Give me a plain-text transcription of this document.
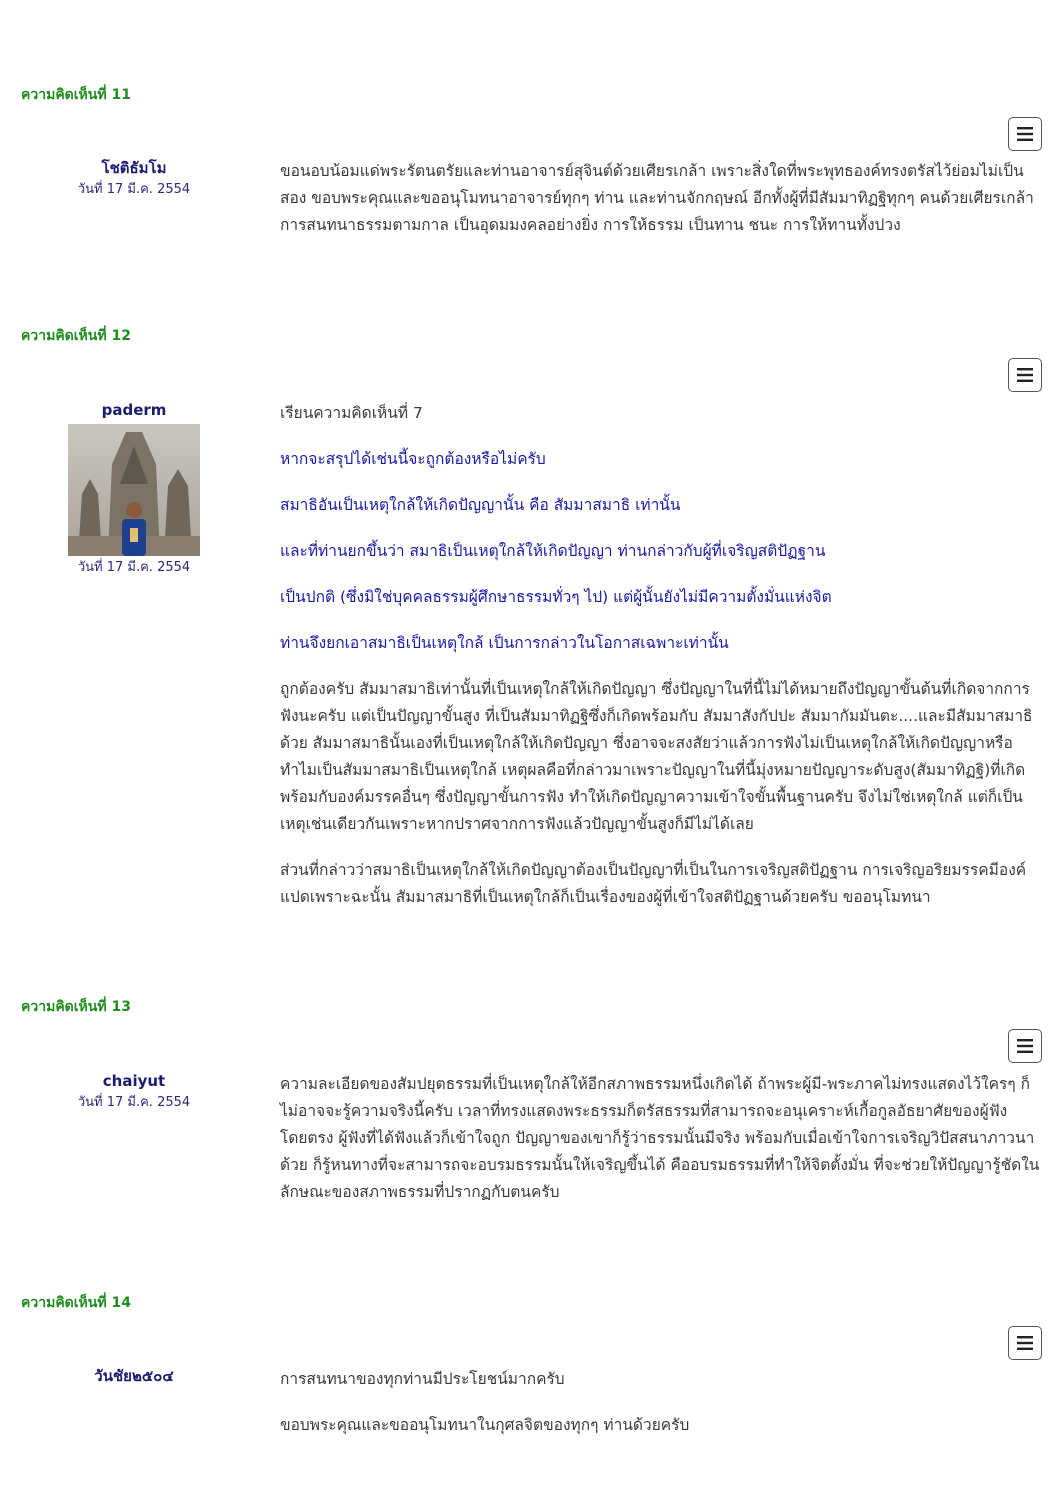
ความคิดเห็นที่ 11
โชติธัมโม
วันที่ 17 มี.ค. 2554

ขอนอบน้อมแด่พระรัตนตรัยและท่านอาจารย์สุจินต์ด้วยเศียรเกล้า เพราะสิ่งใดที่พระพุทธองค์ทรงตรัสไว้ย่อมไม่เป็นสอง ขอบพระคุณและขออนุโมทนาอาจารย์ทุกๆ ท่าน และท่านจักกฤษณ์ อีกทั้งผู้ที่มีสัมมาทิฏฐิทุกๆ คนด้วยเศียรเกล้า การสนทนาธรรมตามกาล เป็นอุดมมงคลอย่างยิ่ง การให้ธรรม เป็นทาน ชนะ การให้ทานทั้งปวง

ความคิดเห็นที่ 12
paderm
วันที่ 17 มี.ค. 2554

เรียนความคิดเห็นที่ 7

หากจะสรุปได้เช่นนี้จะถูกต้องหรือไม่ครับ

สมาธิอันเป็นเหตุใกล้ให้เกิดปัญญานั้น คือ สัมมาสมาธิ เท่านั้น

และที่ท่านยกขึ้นว่า สมาธิเป็นเหตุใกล้ให้เกิดปัญญา ท่านกล่าวกับผู้ที่เจริญสติปัฏฐาน

เป็นปกติ (ซึ่งมิใช่บุคคลธรรมผู้ศึกษาธรรมทั่วๆ ไป) แต่ผู้นั้นยังไม่มีความตั้งมั่นแห่งจิต

ท่านจึงยกเอาสมาธิเป็นเหตุใกล้ เป็นการกล่าวในโอกาสเฉพาะเท่านั้น

ถูกต้องครับ สัมมาสมาธิเท่านั้นที่เป็นเหตุใกล้ให้เกิดปัญญา ซึ่งปัญญาในที่นี้ไม่ได้หมายถึงปัญญาขั้นต้นที่เกิดจากการฟังนะครับ แต่เป็นปัญญาขั้นสูง ที่เป็นสัมมาทิฏฐิซึ่งก็เกิดพร้อมกับ สัมมาสังกัปปะ สัมมากัมมันตะ....และมีสัมมาสมาธิด้วย สัมมาสมาธินั้นเองที่เป็นเหตุใกล้ให้เกิดปัญญา ซึ่งอาจจะสงสัยว่าแล้วการฟังไม่เป็นเหตุใกล้ให้เกิดปัญญาหรือ ทำไมเป็นสัมมาสมาธิเป็นเหตุใกล้ เหตุผลคือที่กล่าวมาเพราะปัญญาในที่นี้มุ่งหมายปัญญาระดับสูง(สัมมาทิฏฐิ)ที่เกิดพร้อมกับองค์มรรคอื่นๆ ซึ่งปัญญาขั้นการฟัง ทำให้เกิดปัญญาความเข้าใจขั้นพื้นฐานครับ จึงไม่ใช่เหตุใกล้ แต่ก็เป็นเหตุเช่นเดียวกันเพราะหากปราศจากการฟังแล้วปัญญาขั้นสูงก็มีไม่ได้เลย

ส่วนที่กล่าวว่าสมาธิเป็นเหตุใกล้ให้เกิดปัญญาต้องเป็นปัญญาที่เป็นในการเจริญสติปัฏฐาน การเจริญอริยมรรคมีองค์แปดเพราะฉะนั้น สัมมาสมาธิที่เป็นเหตุใกล้ก็เป็นเรื่องของผู้ที่เข้าใจสติปัฏฐานด้วยครับ ขออนุโมทนา

ความคิดเห็นที่ 13
chaiyut
วันที่ 17 มี.ค. 2554

ความละเอียดของสัมปยุตธรรมที่เป็นเหตุใกล้ให้อีกสภาพธรรมหนึ่งเกิดได้ ถ้าพระผู้มี-พระภาคไม่ทรงแสดงไว้ใครๆ ก็ไม่อาจจะรู้ความจริงนี้ครับ เวลาที่ทรงแสดงพระธรรมก็ตรัสธรรมที่สามารถจะอนุเคราะห์เกื้อกูลอัธยาศัยของผู้ฟังโดยตรง ผู้ฟังที่ได้ฟังแล้วก็เข้าใจถูก ปัญญาของเขาก็รู้ว่าธรรมนั้นมีจริง พร้อมกับเมื่อเข้าใจการเจริญวิปัสสนาภาวนาด้วย ก็รู้หนทางที่จะสามารถจะอบรมธรรมนั้นให้เจริญขึ้นได้ คืออบรมธรรมที่ทำให้จิตตั้งมั่น ที่จะช่วยให้ปัญญารู้ชัดในลักษณะของสภาพธรรมที่ปรากฏกับตนครับ

ความคิดเห็นที่ 14
วันชัย๒๕๐๔	การสนทนาของทุกท่านมีประโยชน์มากครับ

ขอบพระคุณและขออนุโมทนาในกุศลจิตของทุกๆ ท่านด้วยครับ
